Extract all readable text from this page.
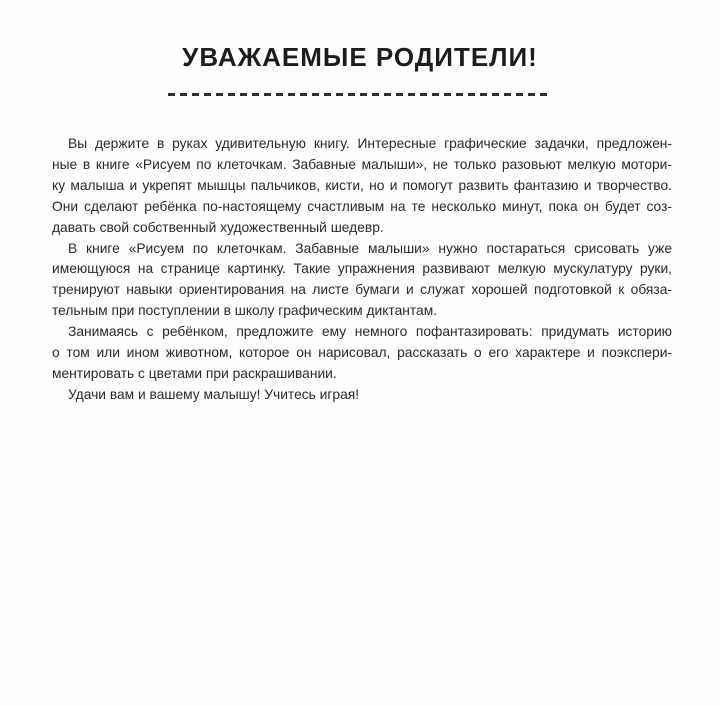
УВАЖАЕМЫЕ РОДИТЕЛИ!
Вы держите в руках удивительную книгу. Интересные графические задачки, предложен-
ные в книге «Рисуем по клеточкам. Забавные малыши», не только разовьют мелкую мотори-
ку малыша и укрепят мышцы пальчиков, кисти, но и помогут развить фантазию и творчество.
Они сделают ребёнка по-настоящему счастливым на те несколько минут, пока он будет соз-
давать свой собственный художественный шедевр.
В книге «Рисуем по клеточкам. Забавные малыши» нужно постараться срисовать уже
имеющуюся на странице картинку. Такие упражнения развивают мелкую мускулатуру руки,
тренируют навыки ориентирования на листе бумаги и служат хорошей подготовкой к обяза-
тельным при поступлении в школу графическим диктантам.
Занимаясь с ребёнком, предложите ему немного пофантазировать: придумать историю
о том или ином животном, которое он нарисовал, рассказать о его характере и поэкспери-
ментировать с цветами при раскрашивании.
Удачи вам и вашему малышу! Учитесь играя!
